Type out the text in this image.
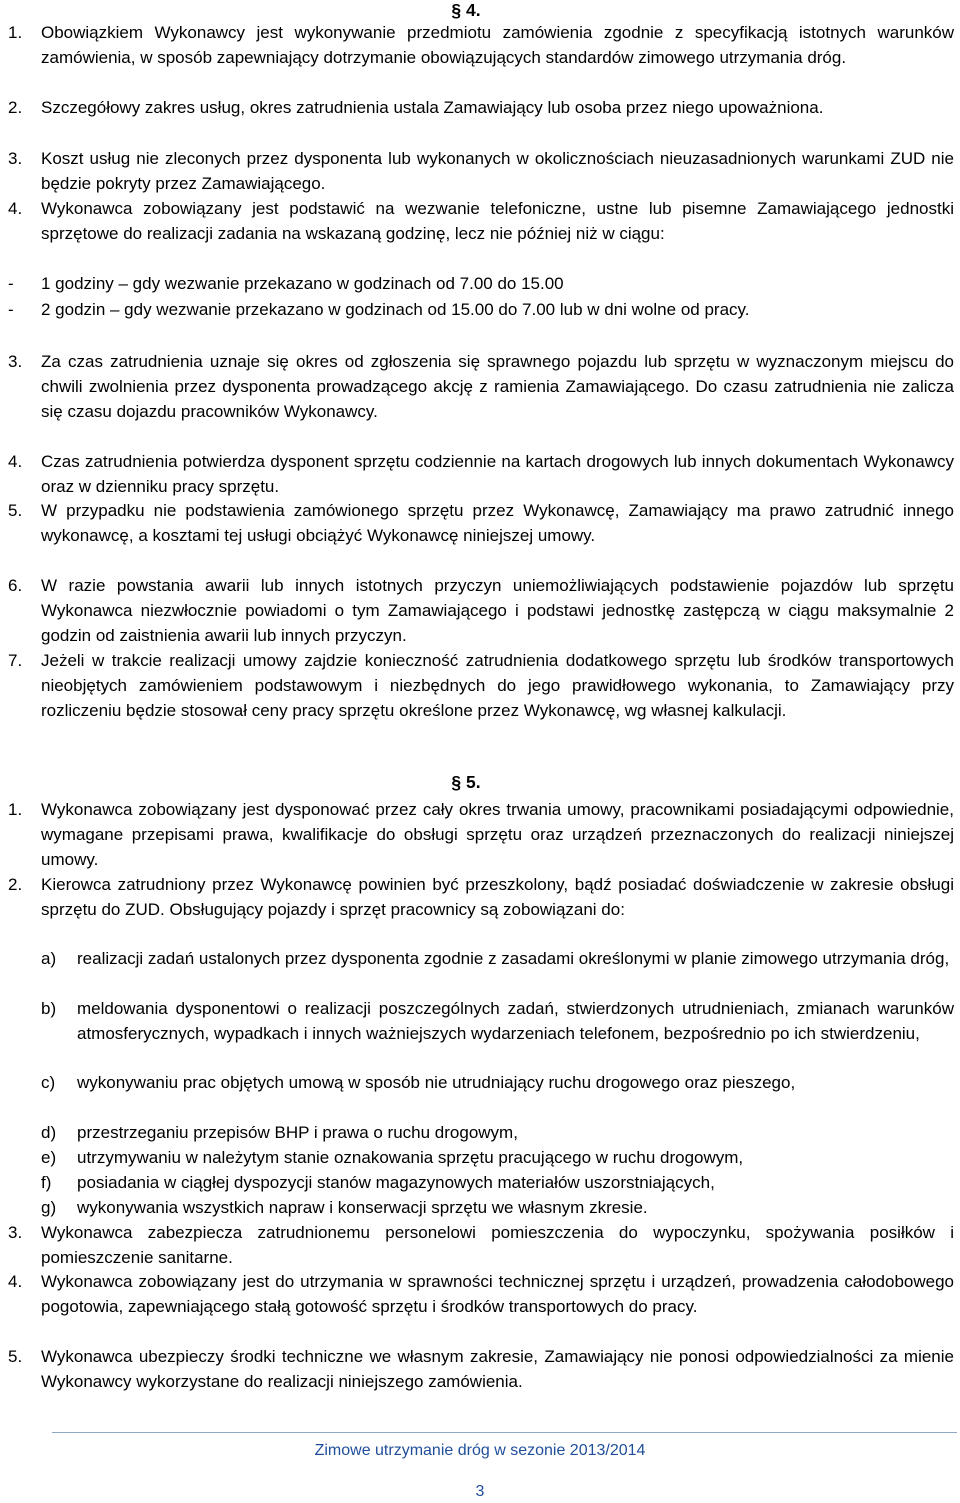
§ 4.
1. Obowiązkiem Wykonawcy jest wykonywanie przedmiotu zamówienia zgodnie z specyfikacją istotnych warunków zamówienia, w sposób zapewniający dotrzymanie obowiązujących standardów zimowego utrzymania dróg.
2. Szczegółowy zakres usług, okres zatrudnienia ustala Zamawiający lub osoba przez niego upoważniona.
3. Koszt usług nie zleconych przez dysponenta lub wykonanych w okolicznościach nieuzasadnionych warunkami ZUD nie będzie pokryty przez Zamawiającego.
4. Wykonawca zobowiązany jest podstawić na wezwanie telefoniczne, ustne lub pisemne Zamawiającego jednostki sprzętowe do realizacji zadania na wskazaną godzinę, lecz nie później niż w ciągu:
- 1 godziny – gdy wezwanie przekazano w godzinach od 7.00 do 15.00
- 2 godzin – gdy wezwanie przekazano w godzinach od 15.00 do 7.00 lub w dni wolne od pracy.
3. Za czas zatrudnienia uznaje się okres od zgłoszenia się sprawnego pojazdu lub sprzętu w wyznaczonym miejscu do chwili zwolnienia przez dysponenta prowadzącego akcję z ramienia Zamawiającego. Do czasu zatrudnienia nie zalicza się czasu dojazdu pracowników Wykonawcy.
4. Czas zatrudnienia potwierdza dysponent sprzętu codziennie na kartach drogowych lub innych dokumentach Wykonawcy oraz w dzienniku pracy sprzętu.
5. W przypadku nie podstawienia zamówionego sprzętu przez Wykonawcę, Zamawiający ma prawo zatrudnić innego wykonawcę, a kosztami tej usługi obciążyć Wykonawcę niniejszej umowy.
6. W razie powstania awarii lub innych istotnych przyczyn uniemożliwiających podstawienie pojazdów lub sprzętu Wykonawca niezwłocznie powiadomi o tym Zamawiającego i podstawi jednostkę zastępczą w ciągu maksymalnie 2 godzin od zaistnienia awarii lub innych przyczyn.
7. Jeżeli w trakcie realizacji umowy zajdzie konieczność zatrudnienia dodatkowego sprzętu lub środków transportowych nieobjętych zamówieniem podstawowym i niezbędnych do jego prawidłowego wykonania, to Zamawiający przy rozliczeniu będzie stosował ceny pracy sprzętu określone przez Wykonawcę, wg własnej kalkulacji.
§ 5.
1. Wykonawca zobowiązany jest dysponować przez cały okres trwania umowy, pracownikami posiadającymi odpowiednie, wymagane przepisami prawa, kwalifikacje do obsługi sprzętu oraz urządzeń przeznaczonych do realizacji niniejszej umowy.
2. Kierowca zatrudniony przez Wykonawcę powinien być przeszkolony, bądź posiadać doświadczenie w zakresie obsługi sprzętu do ZUD. Obsługujący pojazdy i sprzęt pracownicy są zobowiązani do:
a) realizacji zadań ustalonych przez dysponenta zgodnie z zasadami określonymi w planie zimowego utrzymania dróg,
b) meldowania dysponentowi o realizacji poszczególnych zadań, stwierdzonych utrudnieniach, zmianach warunków atmosferycznych, wypadkach i innych ważniejszych wydarzeniach telefonem, bezpośrednio po ich stwierdzeniu,
c) wykonywaniu prac objętych umową w sposób nie utrudniający ruchu drogowego oraz pieszego,
d) przestrzeganiu przepisów BHP i prawa o ruchu drogowym,
e) utrzymywaniu w należytym stanie oznakowania sprzętu pracującego w ruchu drogowym,
f) posiadania w ciągłej dyspozycji stanów magazynowych materiałów uszorstniających,
g) wykonywania wszystkich napraw i konserwacji sprzętu we własnym zkresie.
3. Wykonawca zabezpiecza zatrudnionemu personelowi pomieszczenia do wypoczynku, spożywania posiłków i pomieszczenie sanitarne.
4. Wykonawca zobowiązany jest do utrzymania w sprawności technicznej sprzętu i urządzeń, prowadzenia całodobowego pogotowia, zapewniającego stałą gotowość sprzętu i środków transportowych do pracy.
5. Wykonawca ubezpieczy środki techniczne we własnym zakresie, Zamawiający nie ponosi odpowiedzialności za mienie Wykonawcy wykorzystane do realizacji niniejszego zamówienia.
Zimowe utrzymanie dróg w sezonie 2013/2014
3
